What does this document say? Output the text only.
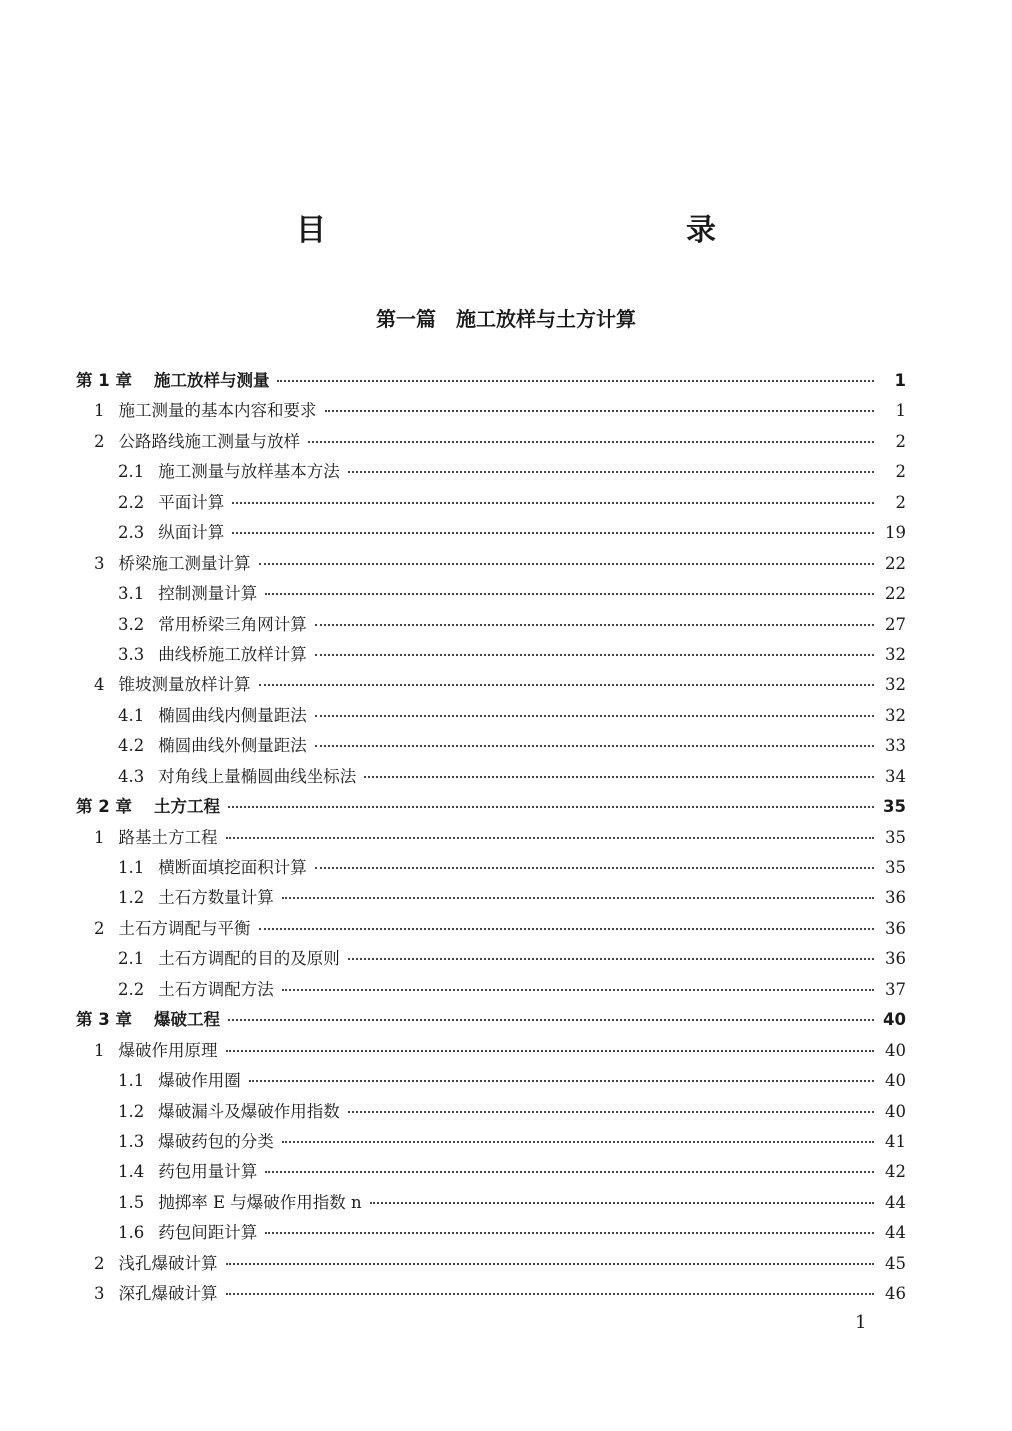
目　　录
第一篇　施工放样与土方计算
第 1 章 施工放样与测量	1
1 施工测量的基本内容和要求	1
2 公路路线施工测量与放样	2
2.1 施工测量与放样基本方法	2
2.2 平面计算	2
2.3 纵面计算	19
3 桥梁施工测量计算	22
3.1 控制测量计算	22
3.2 常用桥梁三角网计算	27
3.3 曲线桥施工放样计算	32
4 锥坡测量放样计算	32
4.1 椭圆曲线内侧量距法	32
4.2 椭圆曲线外侧量距法	33
4.3 对角线上量椭圆曲线坐标法	34
第 2 章 土方工程	35
1 路基土方工程	35
1.1 横断面填挖面积计算	35
1.2 土石方数量计算	36
2 土石方调配与平衡	36
2.1 土石方调配的目的及原则	36
2.2 土石方调配方法	37
第 3 章 爆破工程	40
1 爆破作用原理	40
1.1 爆破作用圈	40
1.2 爆破漏斗及爆破作用指数	40
1.3 爆破药包的分类	41
1.4 药包用量计算	42
1.5 抛掷率 E 与爆破作用指数 n	44
1.6 药包间距计算	44
2 浅孔爆破计算	45
3 深孔爆破计算	46
1
